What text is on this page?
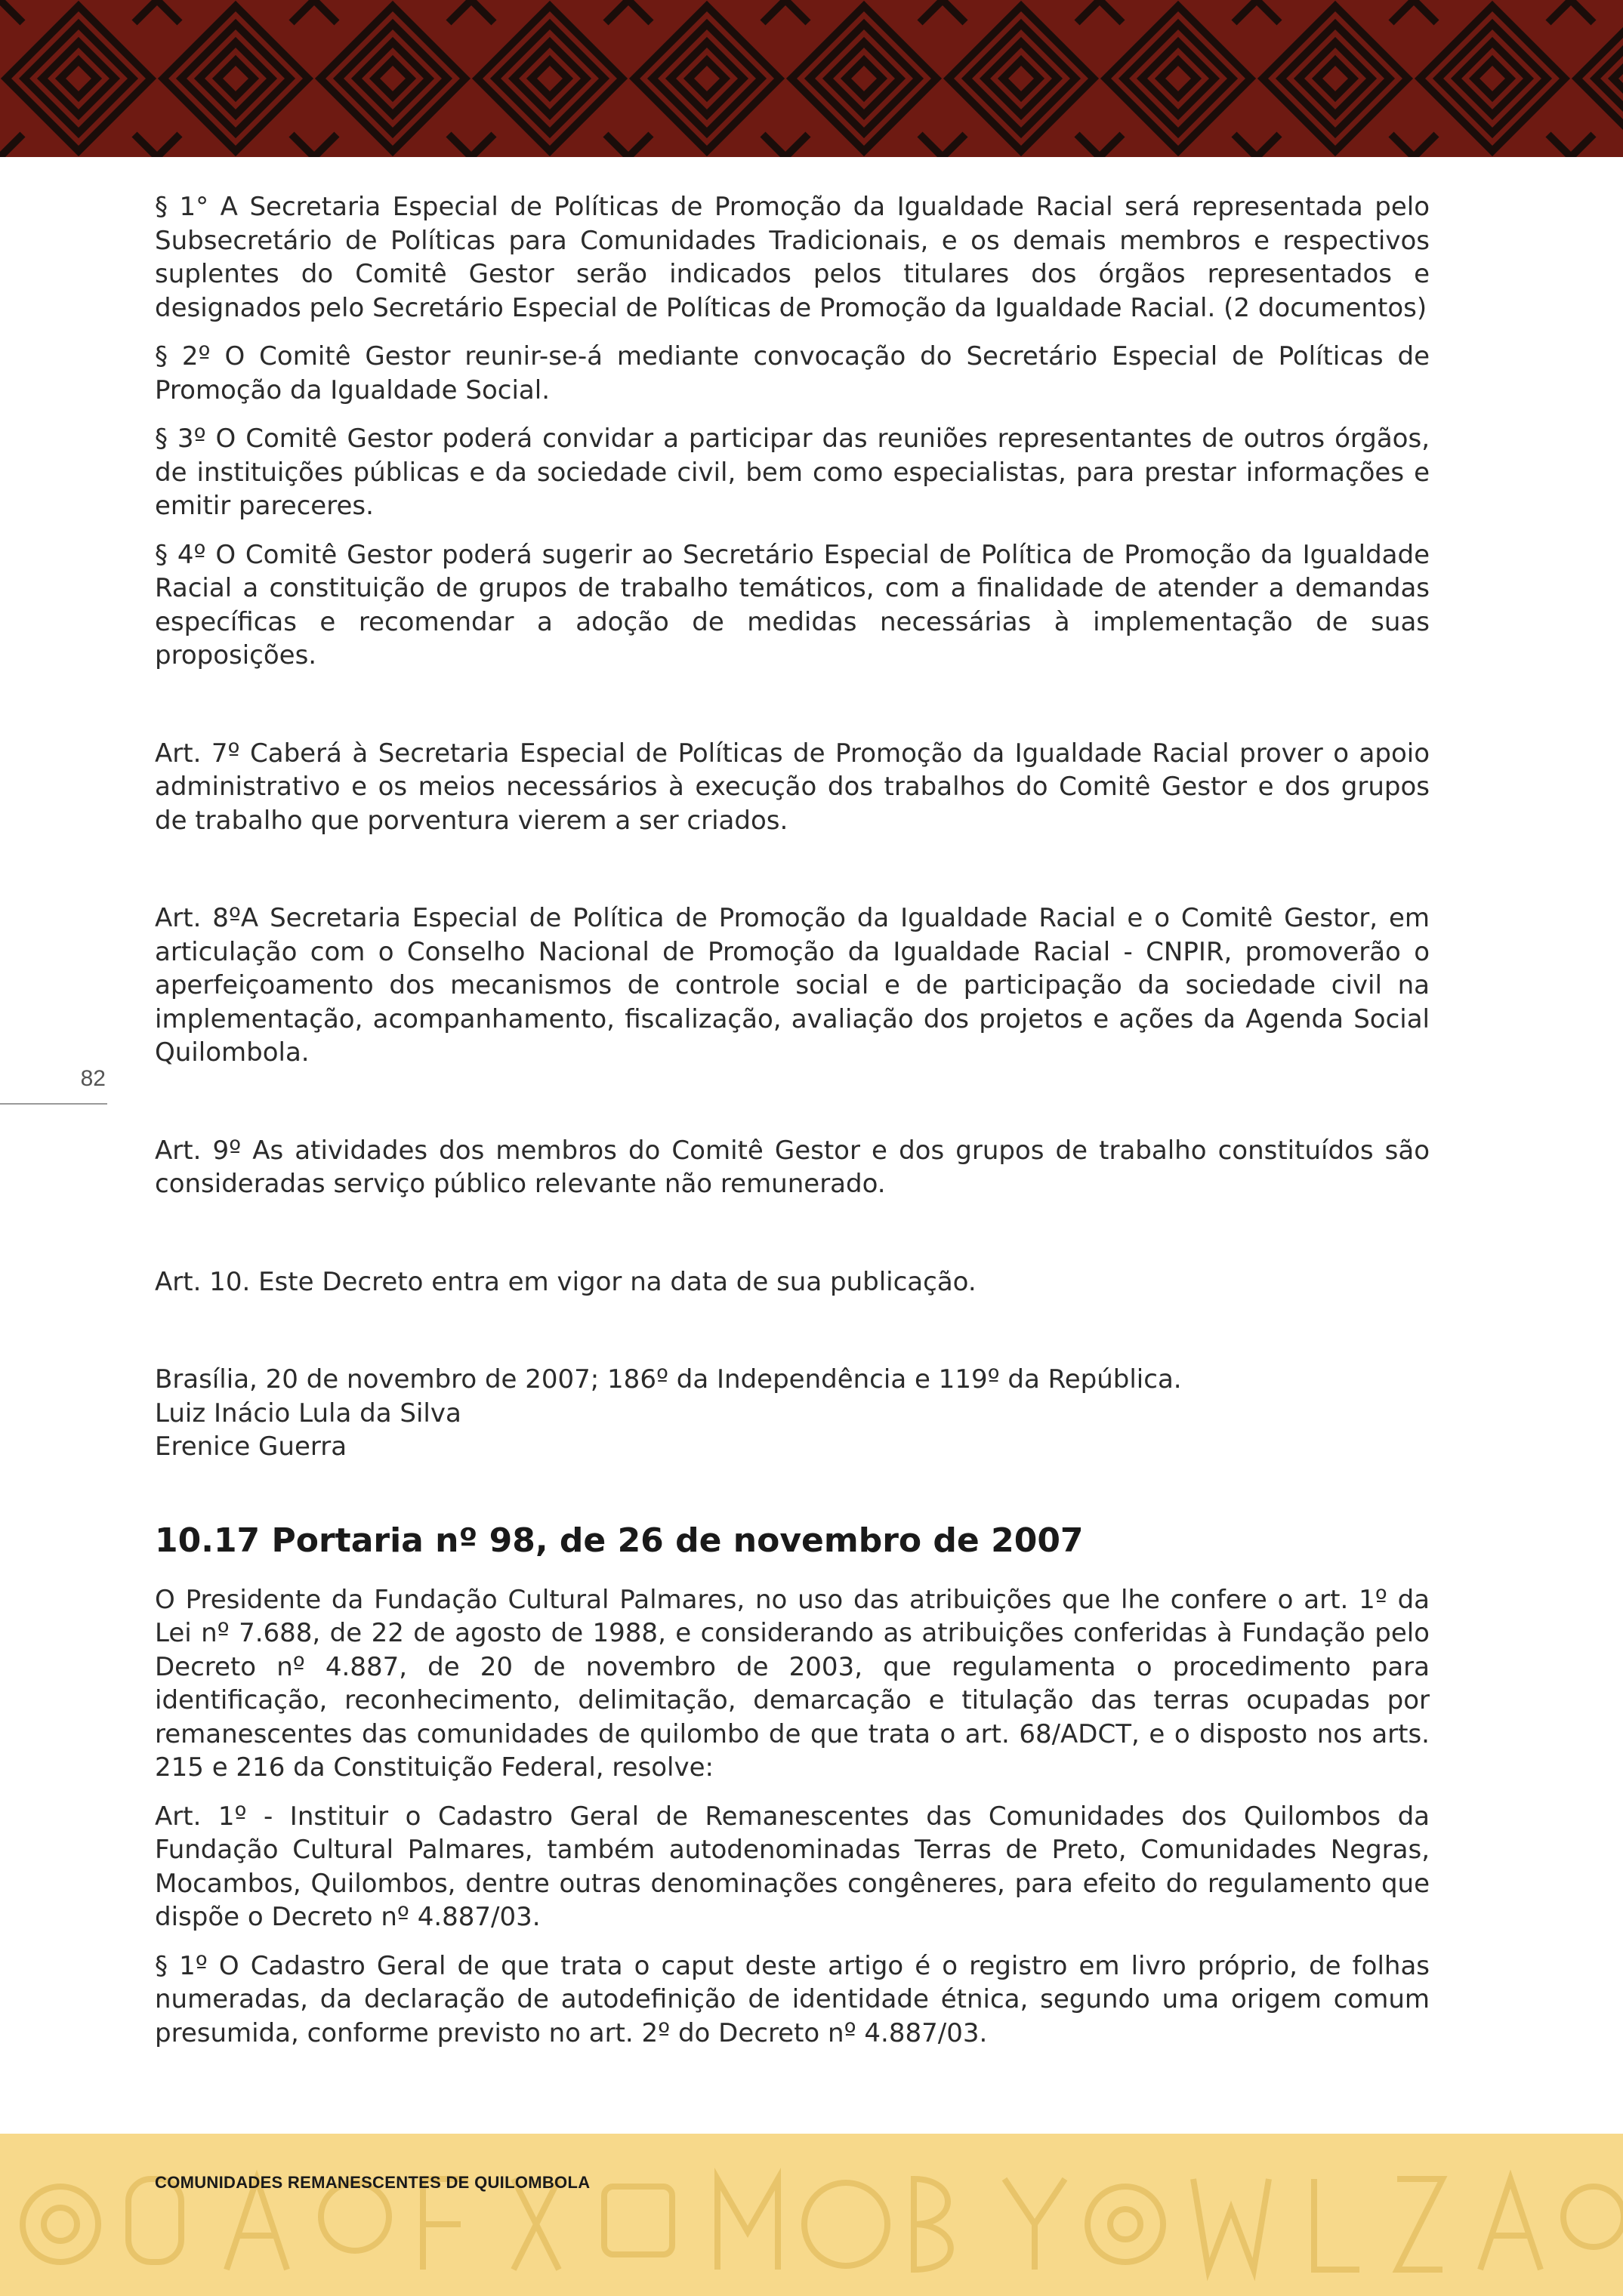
82

§ 1° A Secretaria Especial de Políticas de Promoção da Igualdade Racial será representada pelo Subsecretário de Políticas para Comunidades Tradicionais, e os demais membros e respectivos suplentes do Comitê Gestor serão indicados pelos titulares dos órgãos representados e designados pelo Secretário Especial de Políticas de Promoção da Igualdade Racial. (2 documentos)

§ 2º O Comitê Gestor reunir-se-á mediante convocação do Secretário Especial de Políticas de Promoção da Igualdade Social.

§ 3º O Comitê Gestor poderá convidar a participar das reuniões representantes de outros órgãos, de instituições públicas e da sociedade civil, bem como especialistas, para prestar informações e emitir pareceres.

§ 4º O Comitê Gestor poderá sugerir ao Secretário Especial de Política de Promoção da Igualdade Racial a constituição de grupos de trabalho temáticos, com a finalidade de atender a demandas específicas e recomendar a adoção de medidas necessárias à implementação de suas proposições.

Art. 7º Caberá à Secretaria Especial de Políticas de Promoção da Igualdade Racial prover o apoio administrativo e os meios necessários à execução dos trabalhos do Comitê Gestor e dos grupos de trabalho que porventura vierem a ser criados.

Art. 8ºA Secretaria Especial de Política de Promoção da Igualdade Racial e o Comitê Gestor, em articulação com o Conselho Nacional de Promoção da Igualdade Racial - CNPIR, promoverão o aperfeiçoamento dos mecanismos de controle social e de participação da sociedade civil na implementação, acompanhamento, fiscalização, avaliação dos projetos e ações da Agenda Social Quilombola.

Art. 9º As atividades dos membros do Comitê Gestor e dos grupos de trabalho constituídos são consideradas serviço público relevante não remunerado.

Art. 10. Este Decreto entra em vigor na data de sua publicação.

Brasília, 20 de novembro de 2007; 186º da Independência e 119º da República.
Luiz Inácio Lula da Silva
Erenice Guerra
10.17 Portaria nº 98, de 26 de novembro de 2007

O Presidente da Fundação Cultural Palmares, no uso das atribuições que lhe confere o art. 1º da Lei nº 7.688, de 22 de agosto de 1988, e considerando as atribuições conferidas à Fundação pelo Decreto nº 4.887, de 20 de novembro de 2003, que regulamenta o procedimento para identificação, reconhecimento, delimitação, demarcação e titulação das terras ocupadas por remanescentes das comunidades de quilombo de que trata o art. 68/ADCT, e o disposto nos arts. 215 e 216 da Constituição Federal, resolve:

Art. 1º - Instituir o Cadastro Geral de Remanescentes das Comunidades dos Quilombos da Fundação Cultural Palmares, também autodenominadas Terras de Preto, Comunidades Negras, Mocambos, Quilombos, dentre outras denominações congêneres, para efeito do regulamento que dispõe o Decreto nº 4.887/03.

§ 1º O Cadastro Geral de que trata o caput deste artigo é o registro em livro próprio, de folhas numeradas, da declaração de autodefinição de identidade étnica, segundo uma origem comum presumida, conforme previsto no art. 2º do Decreto nº 4.887/03.

COMUNIDADES REMANESCENTES DE QUILOMBOLA
